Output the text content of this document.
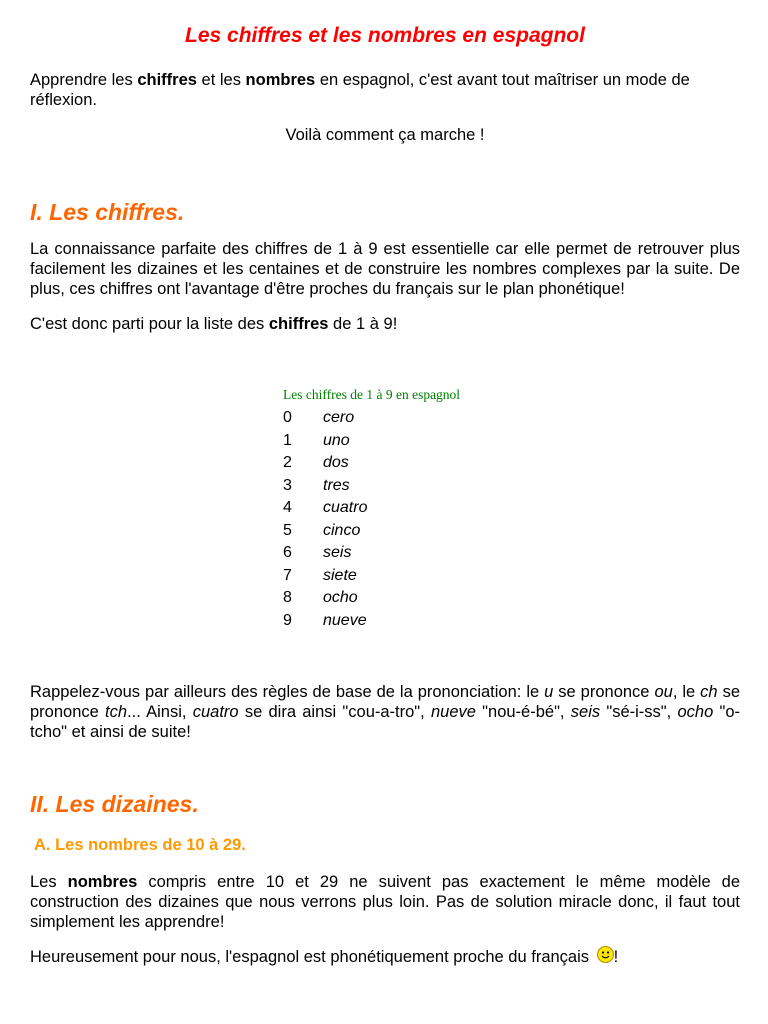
Les chiffres et les nombres en espagnol

Apprendre les chiffres et les nombres en espagnol, c'est avant tout maîtriser un mode de réflexion.

Voilà comment ça marche !

I. Les chiffres.

La connaissance parfaite des chiffres de 1 à 9 est essentielle car elle permet de retrouver plus facilement les dizaines et les centaines et de construire les nombres complexes par la suite. De plus, ces chiffres ont l'avantage d'être proches du français sur le plan phonétique!

C'est donc parti pour la liste des chiffres de 1 à 9!

Les chiffres de 1 à 9 en espagnol
0	cero
1	uno
2	dos
3	tres
4	cuatro
5	cinco
6	seis
7	siete
8	ocho
9	nueve

Rappelez-vous par ailleurs des règles de base de la prononciation: le u se prononce ou, le ch se prononce tch... Ainsi, cuatro se dira ainsi "cou-a-tro", nueve "nou-é-bé", seis "sé-i-ss", ocho "o-tcho" et ainsi de suite!

II. Les dizaines.
A. Les nombres de 10 à 29.

Les nombres compris entre 10 et 29 ne suivent pas exactement le même modèle de construction des dizaines que nous verrons plus loin. Pas de solution miracle donc, il faut tout simplement les apprendre!

Heureusement pour nous, l'espagnol est phonétiquement proche du français
!
